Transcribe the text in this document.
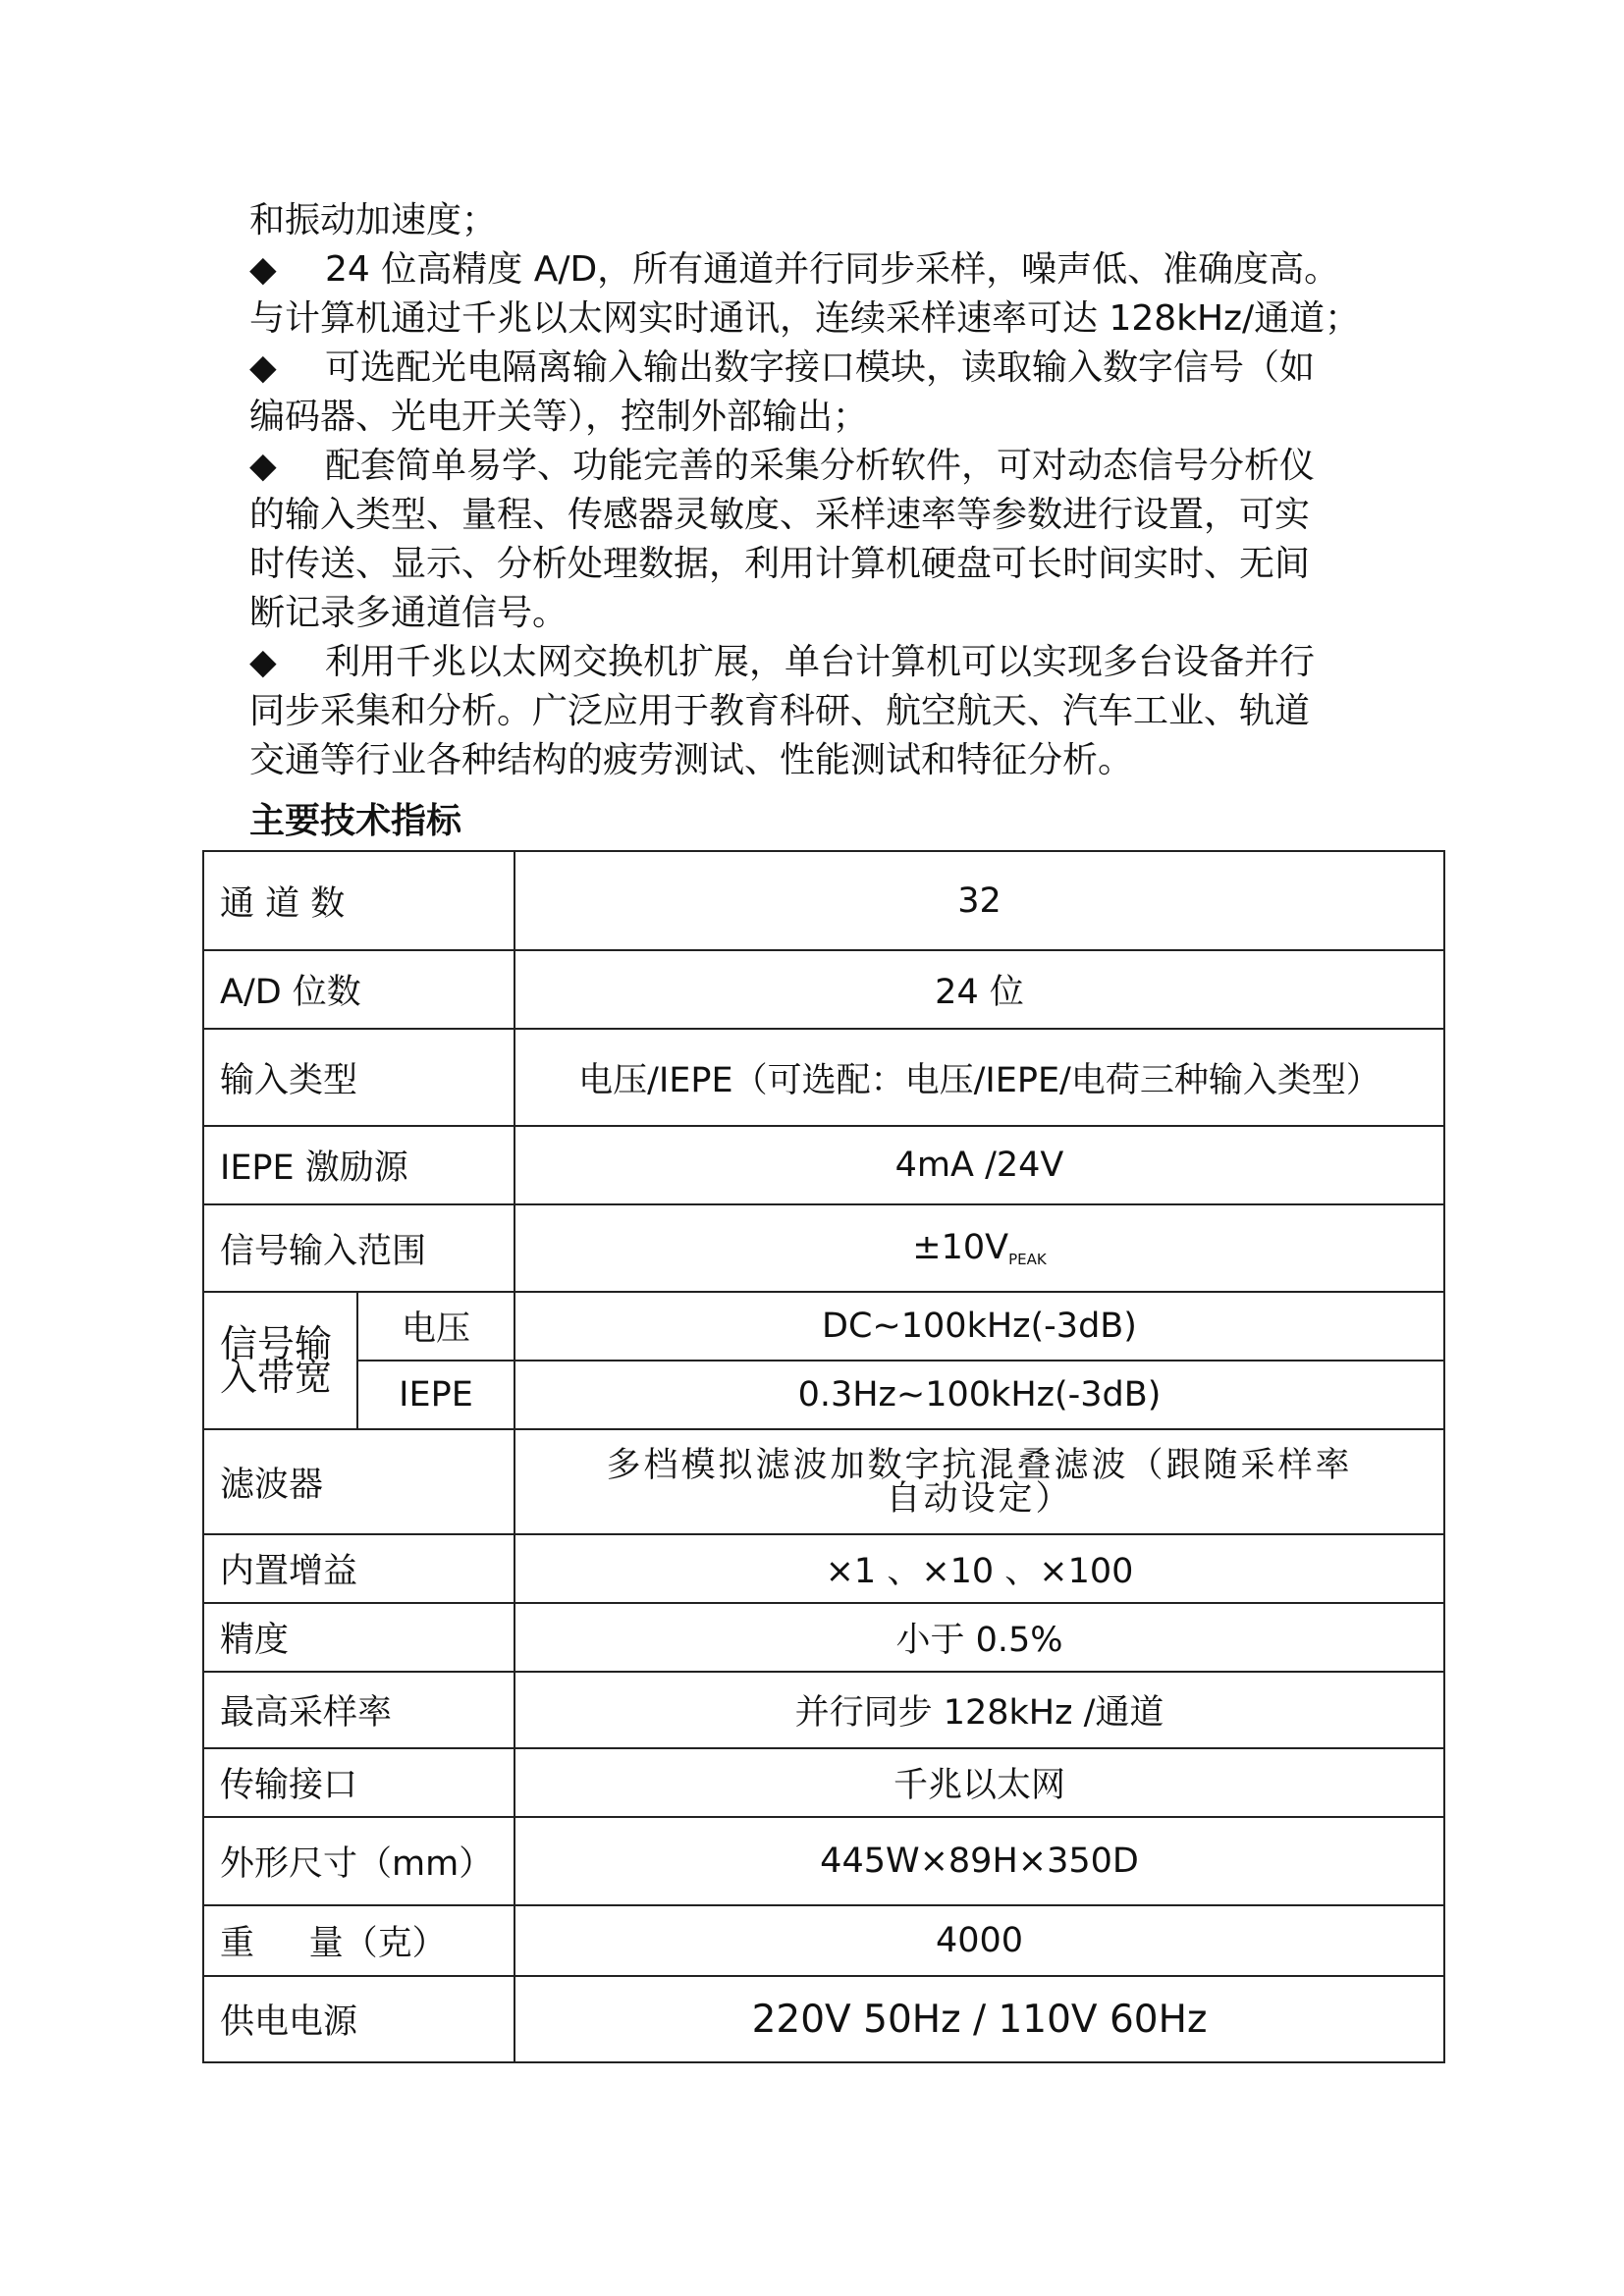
和振动加速度；
◆ 24 位高精度 A/D，所有通道并行同步采样，噪声低、准确度高。
与计算机通过千兆以太网实时通讯，连续采样速率可达 128kHz/通道；
◆ 可选配光电隔离输入输出数字接口模块，读取输入数字信号（如
编码器、光电开关等），控制外部输出；
◆ 配套简单易学、功能完善的采集分析软件，可对动态信号分析仪
的输入类型、量程、传感器灵敏度、采样速率等参数进行设置，可实
时传送、显示、分析处理数据，利用计算机硬盘可长时间实时、无间
断记录多通道信号。
◆ 利用千兆以太网交换机扩展，单台计算机可以实现多台设备并行
同步采集和分析。广泛应用于教育科研、航空航天、汽车工业、轨道
交通等行业各种结构的疲劳测试、性能测试和特征分析。
主要技术指标
通 道 数		32
A/D 位数		24 位
输入类型		电压/IEPE（可选配：电压/IEPE/电荷三种输入类型）
IEPE 激励源		4mA /24V
信号输入范围		$\pm 10V_{PEAK}$

信号输
入带宽	电压	DC~100kHz(-3dB)
	IEPE	0.3Hz~100kHz(-3dB)
滤波器		多档模拟滤波加数字抗混叠滤波（跟随采样率
自动设定）

内置增益		×1 、×10 、×100
精度		小于 0.5%
最高采样率		并行同步 128kHz /通道
传输接口		千兆以太网
外形尺寸（mm）		445W×89H×350D
重     量（克）		4000
供电电源		220V 50Hz / 110V 60Hz
